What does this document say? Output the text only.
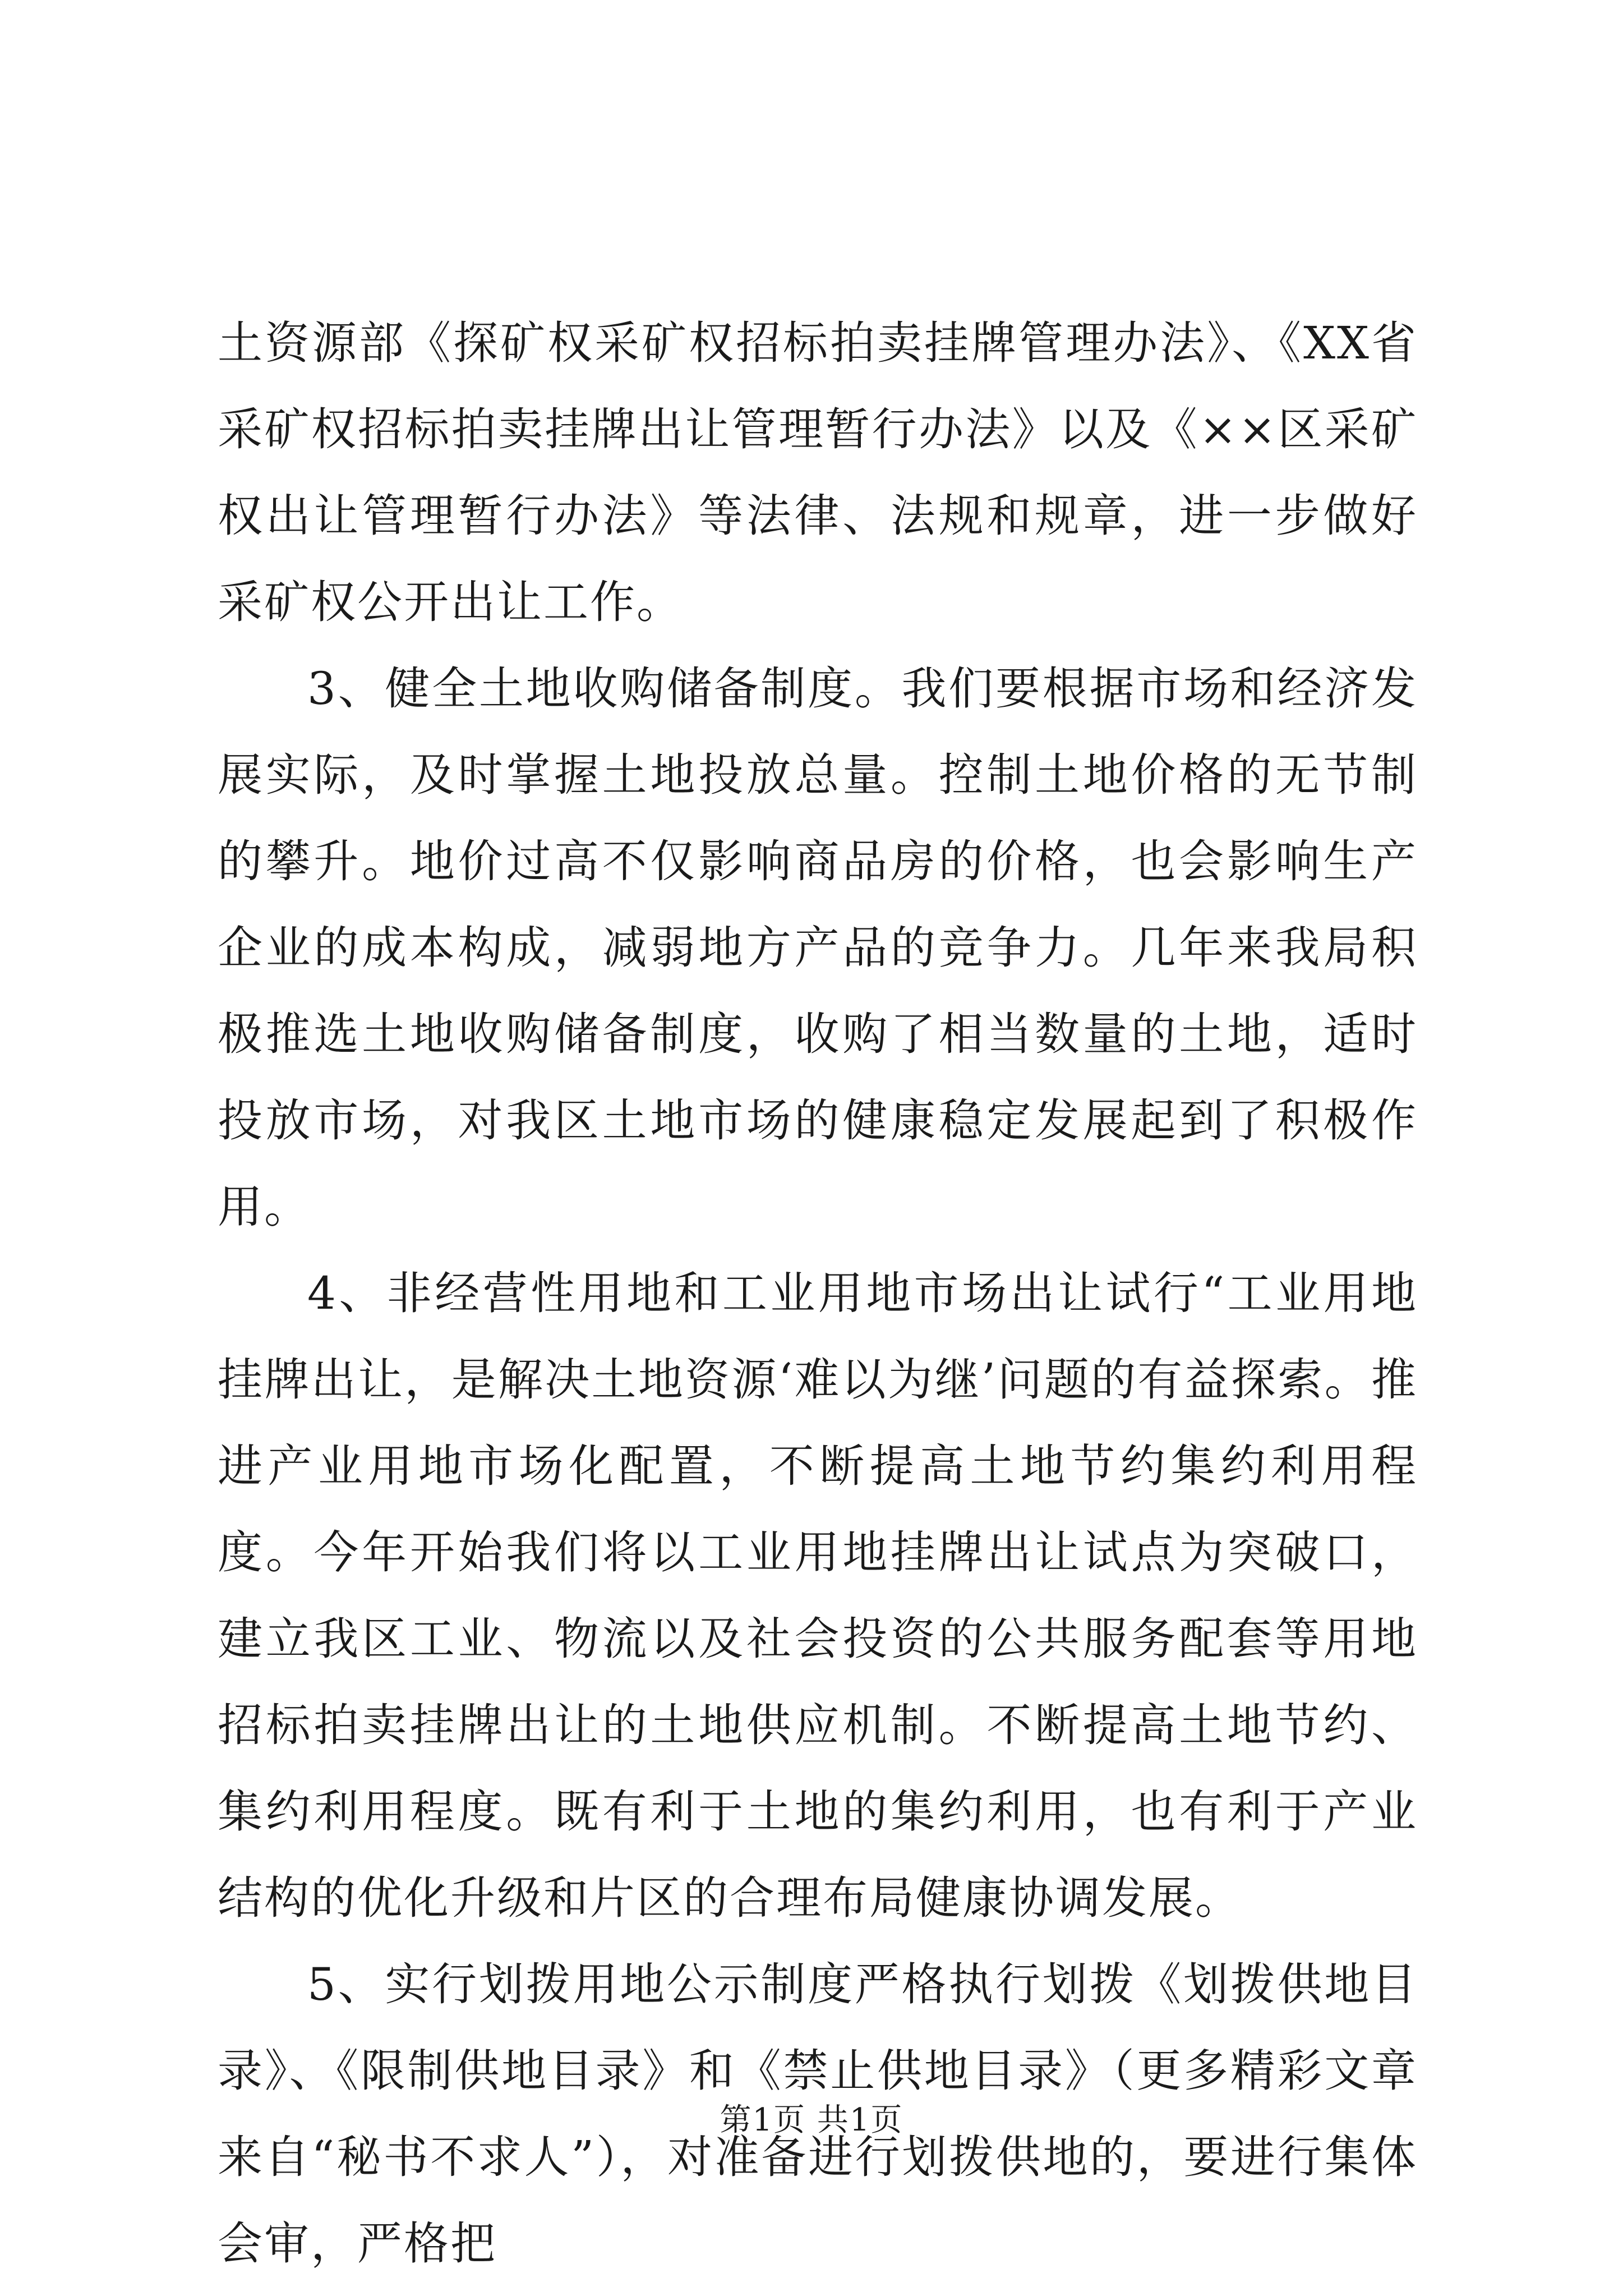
土资源部《探矿权采矿权招标拍卖挂牌管理办法》、《XX省采矿权招标拍卖挂牌出让管理暂行办法》以及《××区采矿权出让管理暂行办法》等法律、法规和规章，进一步做好采矿权公开出让工作。

3、健全土地收购储备制度。我们要根据市场和经济发展实际，及时掌握土地投放总量。控制土地价格的无节制的攀升。地价过高不仅影响商品房的价格，也会影响生产企业的成本构成，减弱地方产品的竞争力。几年来我局积极推选土地收购储备制度，收购了相当数量的土地，适时投放市场，对我区土地市场的健康稳定发展起到了积极作用。

4、非经营性用地和工业用地市场出让试行“工业用地挂牌出让，是解决土地资源‘难以为继’问题的有益探索。推进产业用地市场化配置，不断提高土地节约集约利用程度。今年开始我们将以工业用地挂牌出让试点为突破口，建立我区工业、物流以及社会投资的公共服务配套等用地招标拍卖挂牌出让的土地供应机制。不断提高土地节约、集约利用程度。既有利于土地的集约利用，也有利于产业结构的优化升级和片区的合理布局健康协调发展。

5、实行划拨用地公示制度严格执行划拨《划拨供地目录》、《限制供地目录》和《禁止供地目录》（更多精彩文章来自“秘书不求人”），对准备进行划拨供地的，要进行集体会审，严格把

第1页 共1页
